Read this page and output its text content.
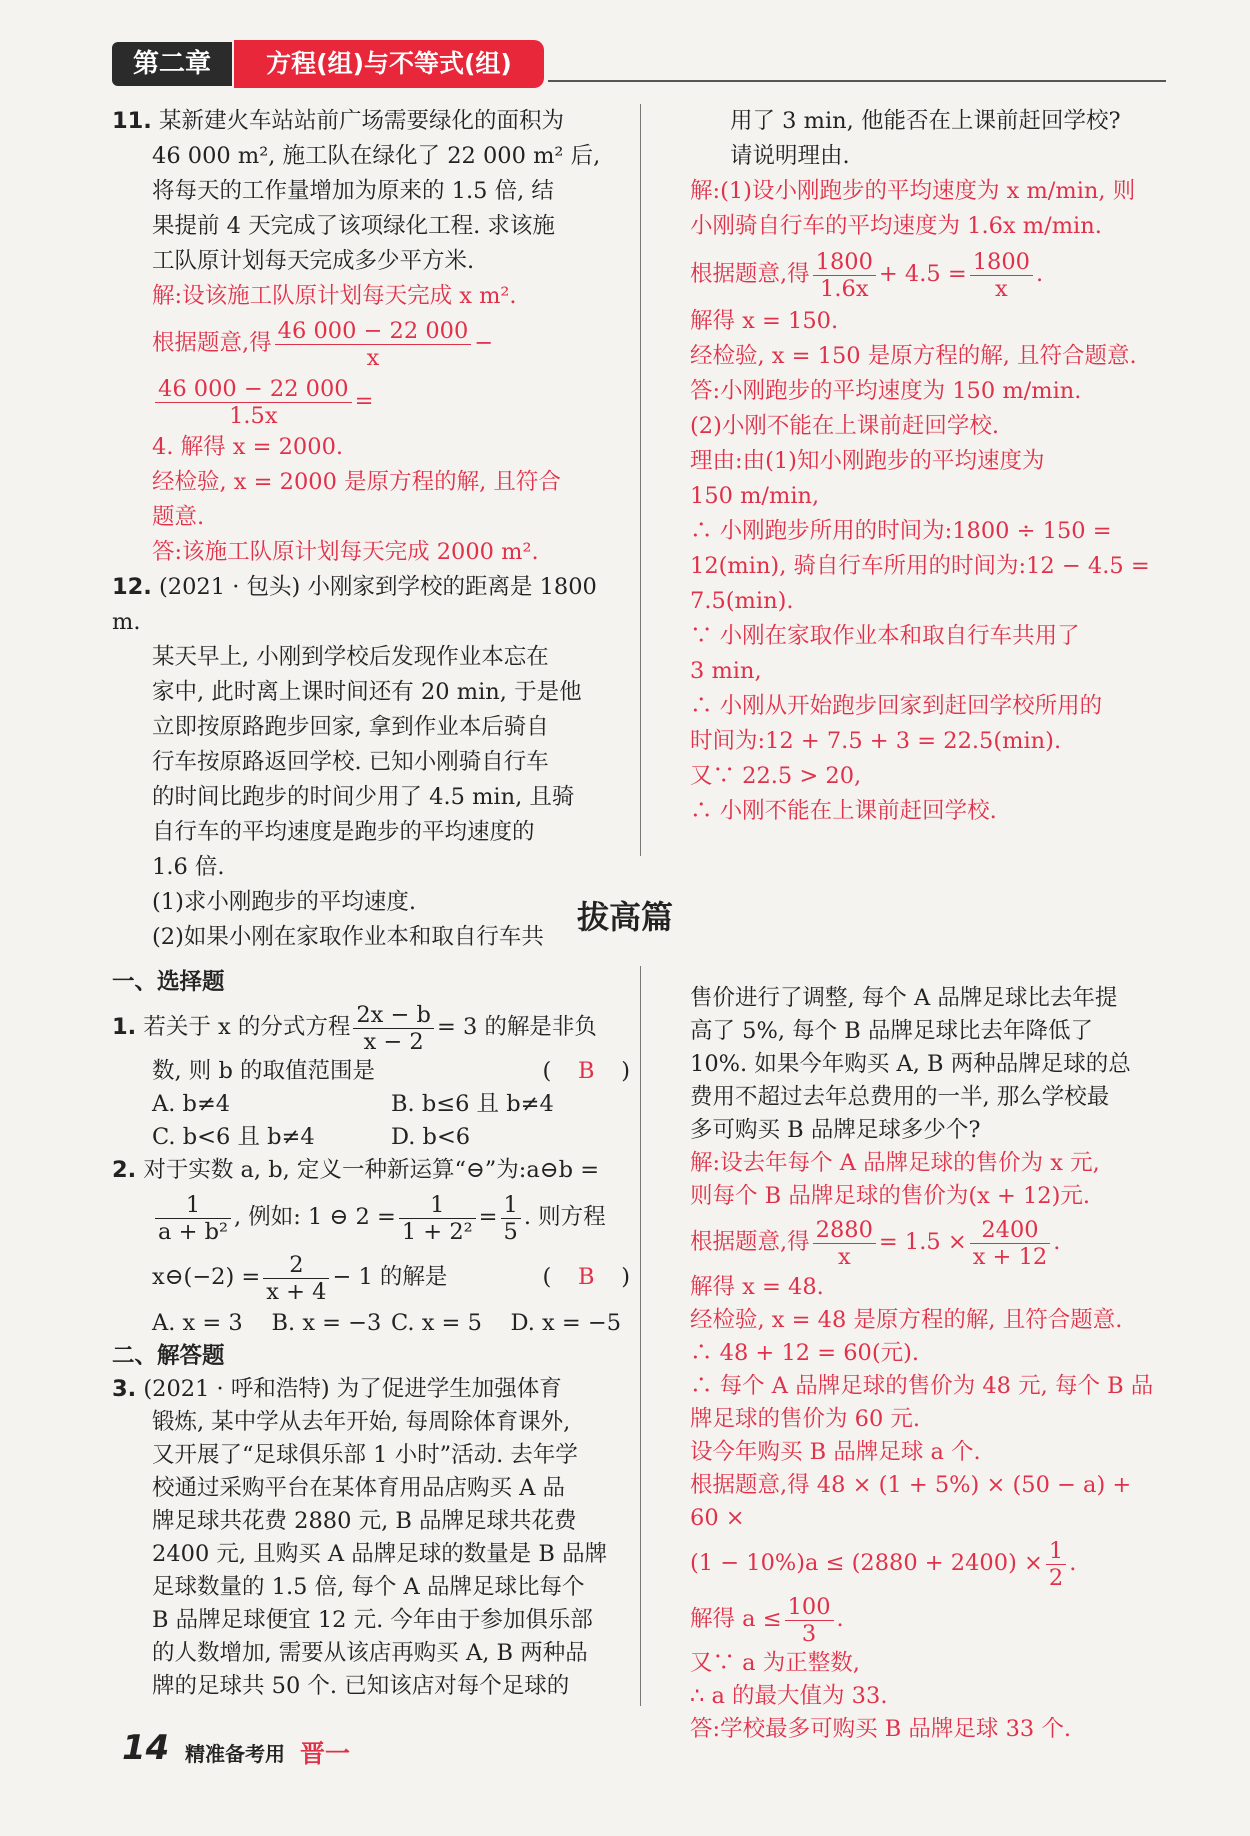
第二章	方程(组)与不等式(组)

11. 某新建火车站站前广场需要绿化的面积为

46 000 m², 施工队在绿化了 22 000 m² 后,

将每天的工作量增加为原来的 1.5 倍, 结

果提前 4 天完成了该项绿化工程. 求该施

工队原计划每天完成多少平方米.

解:设该施工队原计划每天完成 x m².

根据题意,得 $\frac{46 000 - 22 000}{x}$ −
$\frac{46 000 - 22 000}{1.5x}$ =

4. 解得 x = 2000.

经检验, x = 2000 是原方程的解, 且符合

题意.

答:该施工队原计划每天完成 2000 m².

12. (2021 · 包头) 小刚家到学校的距离是 1800 m.

某天早上, 小刚到学校后发现作业本忘在

家中, 此时离上课时间还有 20 min, 于是他

立即按原路跑步回家, 拿到作业本后骑自

行车按原路返回学校. 已知小刚骑自行车

的时间比跑步的时间少用了 4.5 min, 且骑

自行车的平均速度是跑步的平均速度的

1.6 倍.

(1)求小刚跑步的平均速度.

(2)如果小刚在家取作业本和取自行车共

用了 3 min, 他能否在上课前赶回学校?

请说明理由.

解:(1)设小刚跑步的平均速度为 x m/min, 则

小刚骑自行车的平均速度为 1.6x m/min.

根据题意,得 $\frac{1800}{1.6x} + 4.5 = \frac{1800}{x}$ .

解得 x = 150.

经检验, x = 150 是原方程的解, 且符合题意.

答:小刚跑步的平均速度为 150 m/min.

(2)小刚不能在上课前赶回学校.

理由:由(1)知小刚跑步的平均速度为

150 m/min,

∴ 小刚跑步所用的时间为:1800 ÷ 150 =

12(min), 骑自行车所用的时间为:12 − 4.5 =

7.5(min).

∵ 小刚在家取作业本和取自行车共用了

3 min,

∴ 小刚从开始跑步回家到赶回学校所用的

时间为:12 + 7.5 + 3 = 22.5(min).

又∵ 22.5 > 20,

∴ 小刚不能在上课前赶回学校.

拔高篇

一、选择题

1. 若关于 x 的分式方程 $\frac{2x - b}{x - 2} = 3$ 的解是非负

数, 则 b 的取值范围是	( B )

A. b≠4	B. b≤6 且 b≠4
C. b<6 且 b≠4	D. b<6

2. 对于实数 a, b, 定义一种新运算“⊖”为:a⊖b =

$\frac{1}{\text{a + b²}}$ , 例如: 1 ⊖ $2 = \frac{1}{\text{1 + 2²}} = \frac{1}{5}$ . 则方程

x⊖(−2) = $\frac{2}{x + 4} - 1$ 的解是	( B )

A. x = 3	B. x = −3 C. x = 5	D. x = −5

二、解答题

3. (2021 · 呼和浩特) 为了促进学生加强体育

锻炼, 某中学从去年开始, 每周除体育课外,

又开展了“足球俱乐部 1 小时”活动. 去年学

校通过采购平台在某体育用品店购买 A 品

牌足球共花费 2880 元, B 品牌足球共花费

2400 元, 且购买 A 品牌足球的数量是 B 品牌

足球数量的 1.5 倍, 每个 A 品牌足球比每个

B 品牌足球便宜 12 元. 今年由于参加俱乐部

的人数增加, 需要从该店再购买 A, B 两种品

牌的足球共 50 个. 已知该店对每个足球的

售价进行了调整, 每个 A 品牌足球比去年提

高了 5%, 每个 B 品牌足球比去年降低了

10%. 如果今年购买 A, B 两种品牌足球的总

费用不超过去年总费用的一半, 那么学校最

多可购买 B 品牌足球多少个?

解:设去年每个 A 品牌足球的售价为 x 元,

则每个 B 品牌足球的售价为(x + 12)元.

根据题意,得 $\frac{2880}{x} = 1.5 \times \frac{2400}{x + 12}$ .

解得 x = 48.

经检验, x = 48 是原方程的解, 且符合题意.

∴ 48 + 12 = 60(元).

∴ 每个 A 品牌足球的售价为 48 元, 每个 B 品

牌足球的售价为 60 元.

设今年购买 B 品牌足球 a 个.

根据题意,得 48 × (1 + 5%) × (50 − a) + 60 ×

$(1 - 10\%)a \le (2880 + 2400) \times \frac{1}{2}$ .

解得 $a \le \frac{100}{3}$ .

又∵ a 为正整数,

∴ a 的最大值为 33.

答:学校最多可购买 B 品牌足球 33 个.

14 精准备考用 晋一
